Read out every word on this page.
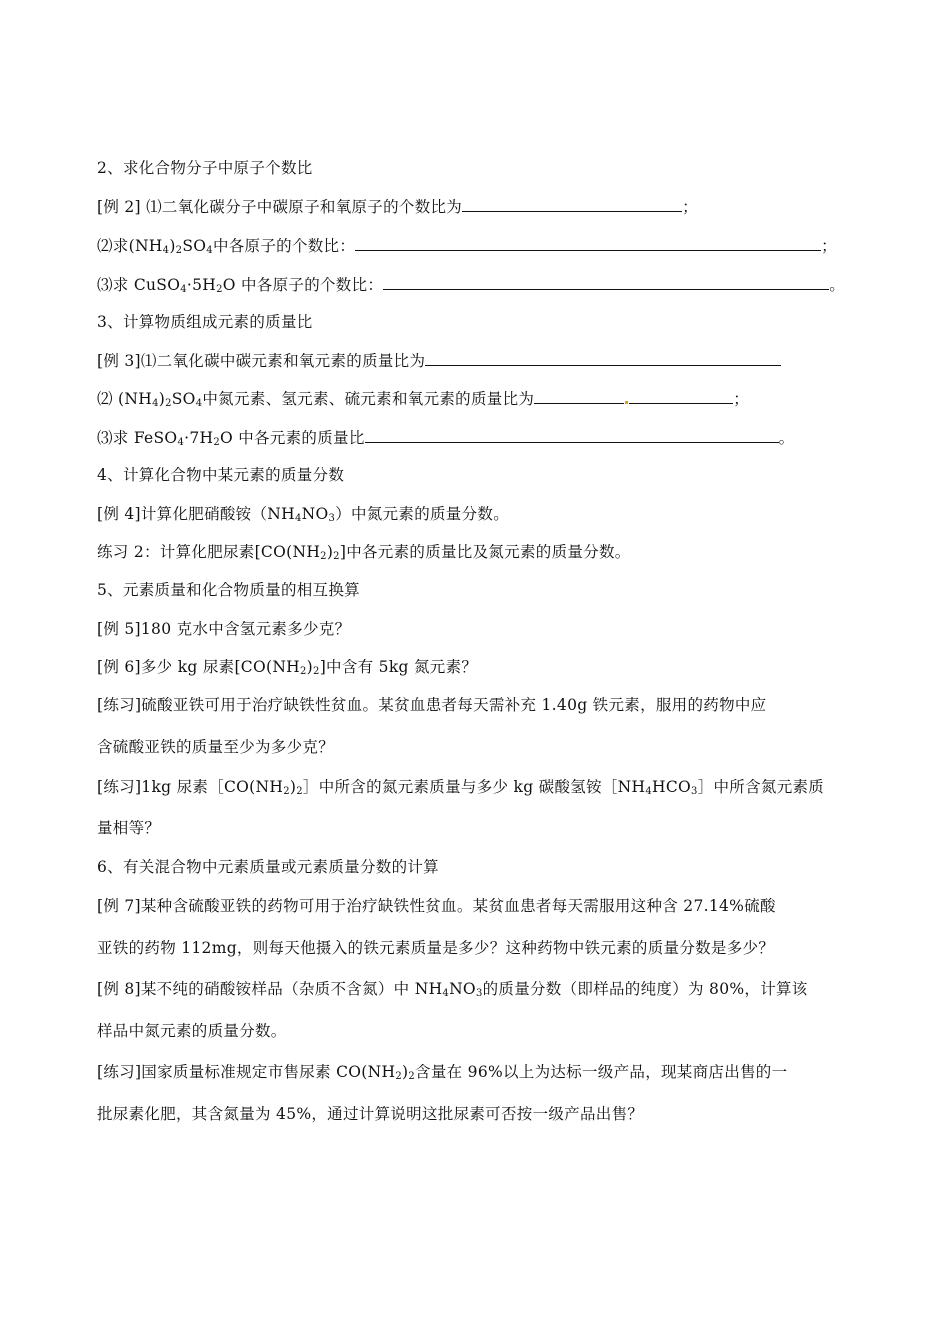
2、求化合物分子中原子个数比
[例 2] ⑴二氧化碳分子中碳原子和氧原子的个数比为	；
⑵求$(NH_4)_2SO_4$中各原子的个数比：	；
⑶求 $CuSO_4\cdot 5H_2O$ 中各原子的个数比：	。
3、计算物质组成元素的质量比
[例 3]⑴二氧化碳中碳元素和氧元素的质量比为
⑵ $(NH_4)_2SO_4$中氮元素、氢元素、硫元素和氧元素的质量比为	；
⑶求 $FeSO_4\cdot 7H_2O$ 中各元素的质量比	。
4、计算化合物中某元素的质量分数
[例 4]计算化肥硝酸铵$(NH_4NO_3)$中氮元素的质量分数。
练习 2：计算化肥尿素$[CO(NH_2)_2]$中各元素的质量比及氮元素的质量分数。
5、元素质量和化合物质量的相互换算
[例 5]180 克水中含氢元素多少克？
[例 6]多少 kg 尿素$[CO(NH_2)_2]$中含有 5kg 氮元素？
[练习]硫酸亚铁可用于治疗缺铁性贫血。某贫血患者每天需补充 1.40g 铁元素，服用的药物中应
含硫酸亚铁的质量至少为多少克？
[练习]1kg 尿素$[CO(NH_2)_2]$中所含的氮元素质量与多少 kg 碳酸氢铵$[NH_4HCO_3]$中所含氮元素质
量相等？
6、有关混合物中元素质量或元素质量分数的计算
[例 7]某种含硫酸亚铁的药物可用于治疗缺铁性贫血。某贫血患者每天需服用这种含 27.14%硫酸
亚铁的药物 112mg，则每天他摄入的铁元素质量是多少？这种药物中铁元素的质量分数是多少？
[例 8]某不纯的硝酸铵样品（杂质不含氮）中 $NH_4NO_3$的质量分数（即样品的纯度）为 80%，计算该
样品中氮元素的质量分数。
[练习]国家质量标准规定市售尿素 $CO(NH_2)_2$含量在 96%以上为达标一级产品，现某商店出售的一
批尿素化肥，其含氮量为 45%，通过计算说明这批尿素可否按一级产品出售？
